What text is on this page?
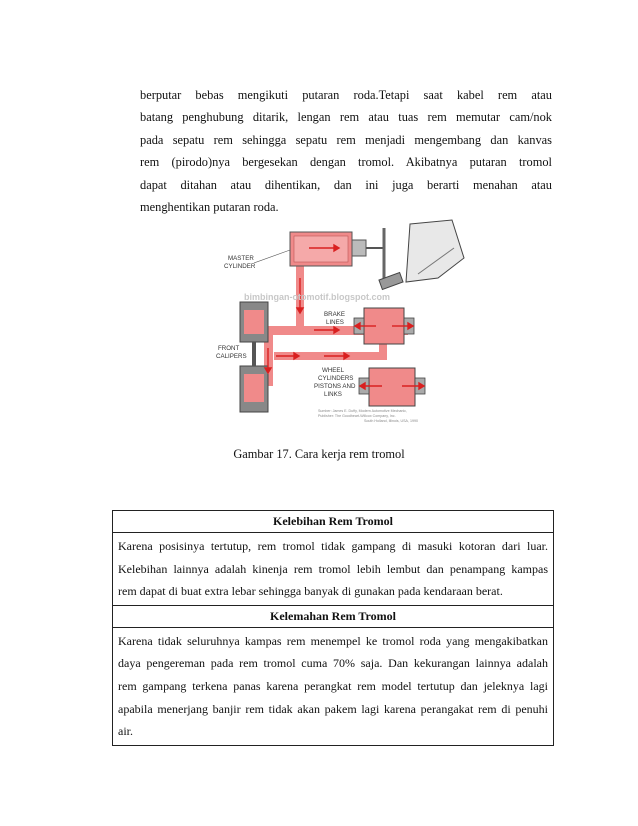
berputar bebas mengikuti putaran roda.Tetapi saat kabel rem atau
batang penghubung ditarik, lengan rem atau tuas rem memutar cam/nok
pada sepatu rem sehingga sepatu rem menjadi mengembang dan kanvas
rem (pirodo)nya bergesekan dengan tromol. Akibatnya putaran tromol
dapat ditahan atau dihentikan, dan ini juga berarti menahan atau
menghentikan putaran roda.
bimbingan-otomotif.blogspot.com
MASTER
CYLINDER
BRAKE
LINES
FRONT
CALIPERS
WHEEL
CYLINDERS
PISTONS AND
LINKS
Sumber: James E. Duffy, Modern Automotive Mechanic,
Publisher: The Goodheart-Willcox Company, Inc.
South Holland, Illinois, USA, 1990
Gambar 17. Cara kerja rem tromol
Kelebihan Rem Tromol

Karena posisinya tertutup, rem tromol tidak gampang di masuki kotoran dari luar.
Kelebihan lainnya adalah kinenja rem tromol lebih lembut dan penampang kampas
rem dapat di buat extra lebar sehingga banyak di gunakan pada kendaraan berat.

Kelemahan Rem Tromol

Karena tidak seluruhnya kampas rem menempel ke tromol roda yang mengakibatkan
daya pengereman pada rem tromol cuma 70% saja. Dan kekurangan lainnya adalah
rem gampang terkena panas karena perangkat rem model tertutup dan jeleknya lagi
apabila menerjang banjir rem tidak akan pakem lagi karena perangakat rem di penuhi
air.
